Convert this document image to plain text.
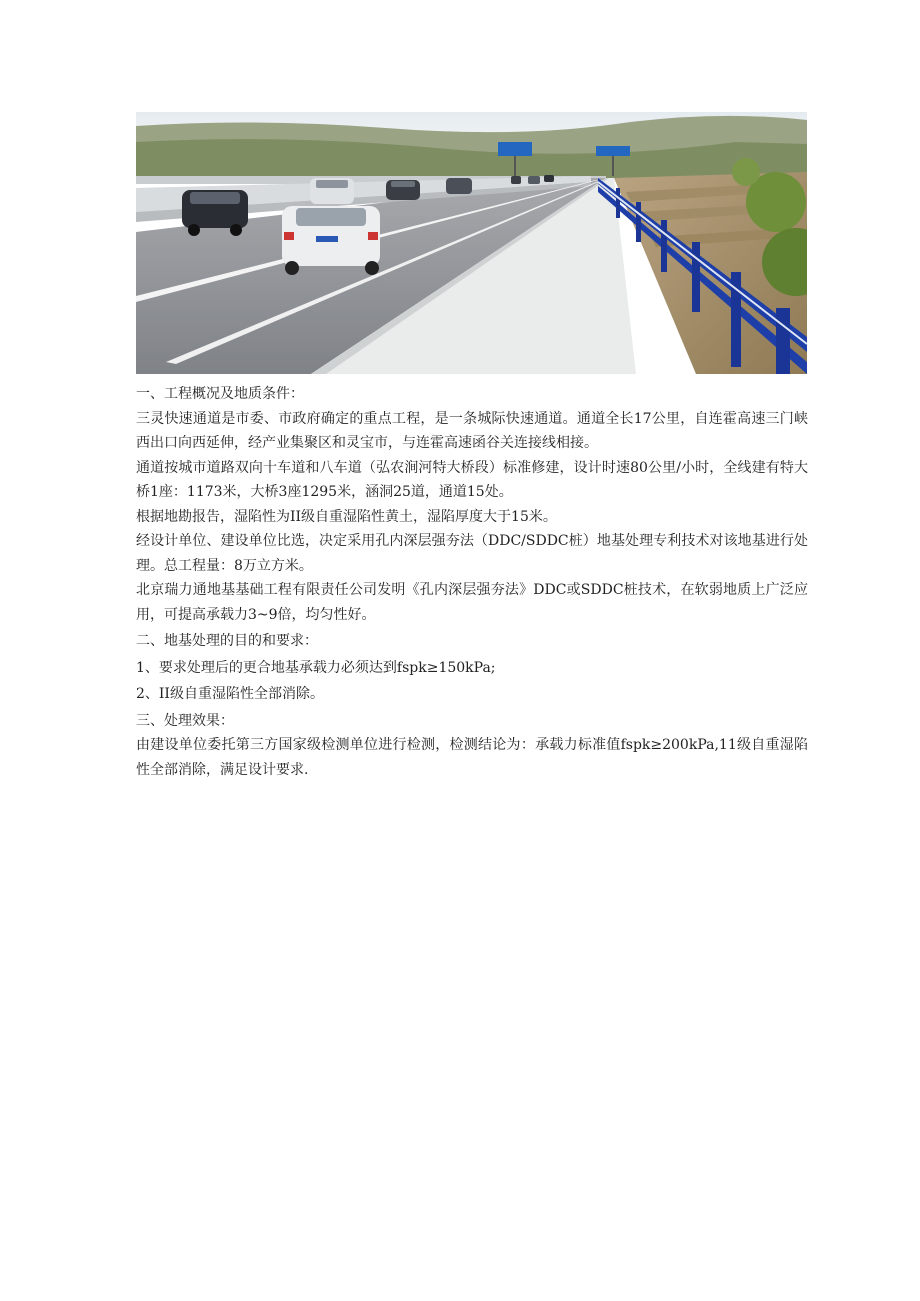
一、工程概况及地质条件：

三灵快速通道是市委、市政府确定的重点工程，是一条城际快速通道。通道全长17公里，自连霍高速三门峡西出口向西延伸，经产业集聚区和灵宝市，与连霍高速函谷关连接线相接。

通道按城市道路双向十车道和八车道（弘农涧河特大桥段）标准修建，设计时速80公里/小时，全线建有特大桥1座：1173米，大桥3座1295米，涵洞25道，通道15处。

根据地勘报告，湿陷性为II级自重湿陷性黄土，湿陷厚度大于15米。

经设计单位、建设单位比选，决定采用孔内深层强夯法（DDC/SDDC桩）地基处理专利技术对该地基进行处理。总工程量：8万立方米。

北京瑞力通地基基础工程有限责任公司发明《孔内深层强夯法》DDC或SDDC桩技术，在软弱地质上广泛应用，可提高承载力3~9倍，均匀性好。

二、地基处理的目的和要求：

1、要求处理后的更合地基承载力必须达到fspk≥150kPa;

2、II级自重湿陷性全部消除。

三、处理效果：

由建设单位委托第三方国家级检测单位进行检测，检测结论为：承载力标准值fspk≥200kPa,11级自重湿陷性全部消除，满足设计要求.
